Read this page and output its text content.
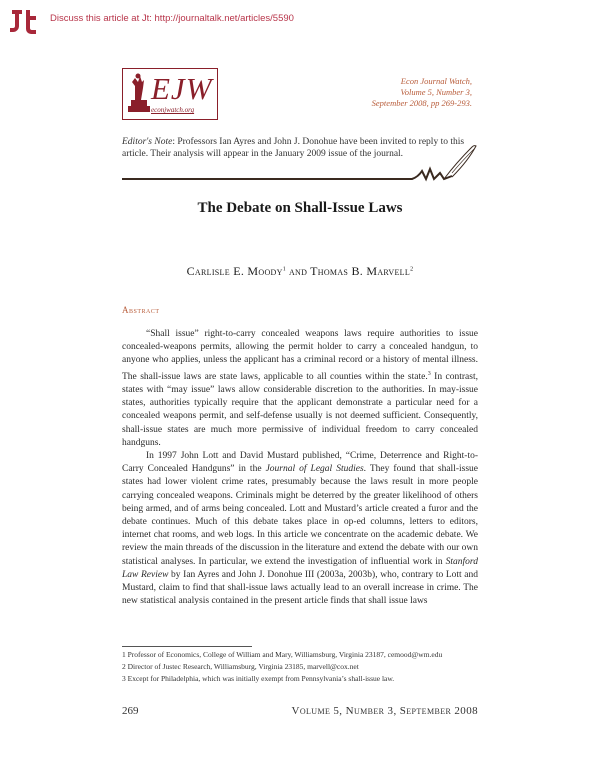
Discuss this article at Jt: http://journaltalk.net/articles/5590
EJW
econjwatch.org
Econ Journal Watch,
Volume 5, Number 3,
September 2008, pp 269-293.
Editor's Note: Professors Ian Ayres and John J. Donohue have been invited to reply to this article. Their analysis will appear in the January 2009 issue of the journal.
The Debate on Shall-Issue Laws
Carlisle E. Moody$^1$ and Thomas B. Marvell$^2$
Abstract

“Shall issue” right-to-carry concealed weapons laws require authorities to issue concealed-weapons permits, allowing the permit holder to carry a concealed handgun, to anyone who applies, unless the applicant has a criminal record or a history of mental illness. The shall-issue laws are state laws, applicable to all counties within the state.$^3$ In contrast, states with “may issue” laws allow considerable discretion to the authorities. In may-issue states, authorities typically require that the applicant demonstrate a particular need for a concealed weapons permit, and self-defense usually is not deemed sufficient. Consequently, shall-issue states are much more permissive of individual freedom to carry concealed handguns.

In 1997 John Lott and David Mustard published, “Crime, Deterrence and Right-to-Carry Concealed Handguns” in the Journal of Legal Studies. They found that shall-issue states had lower violent crime rates, presumably because the laws result in more people carrying concealed weapons. Criminals might be deterred by the greater likelihood of others being armed, and of arms being concealed. Lott and Mustard’s article created a furor and the debate continues. Much of this debate takes place in op-ed columns, letters to editors, internet chat rooms, and web logs. In this article we concentrate on the academic debate. We review the main threads of the discussion in the literature and extend the debate with our own statistical analyses. In particular, we extend the investigation of influential work in Stanford Law Review by Ian Ayres and John J. Donohue III (2003a, 2003b), who, contrary to Lott and Mustard, claim to find that shall-issue laws actually lead to an overall increase in crime. The new statistical analysis contained in the present article finds that shall issue laws

1 Professor of Economics, College of William and Mary, Williamsburg, Virginia 23187, cemood@wm.edu
2 Director of Justec Research, Williamsburg, Virginia 23185, marvell@cox.net
3 Except for Philadelphia, which was initially exempt from Pennsylvania’s shall-issue law.
269	Volume 5, Number 3, September 2008
